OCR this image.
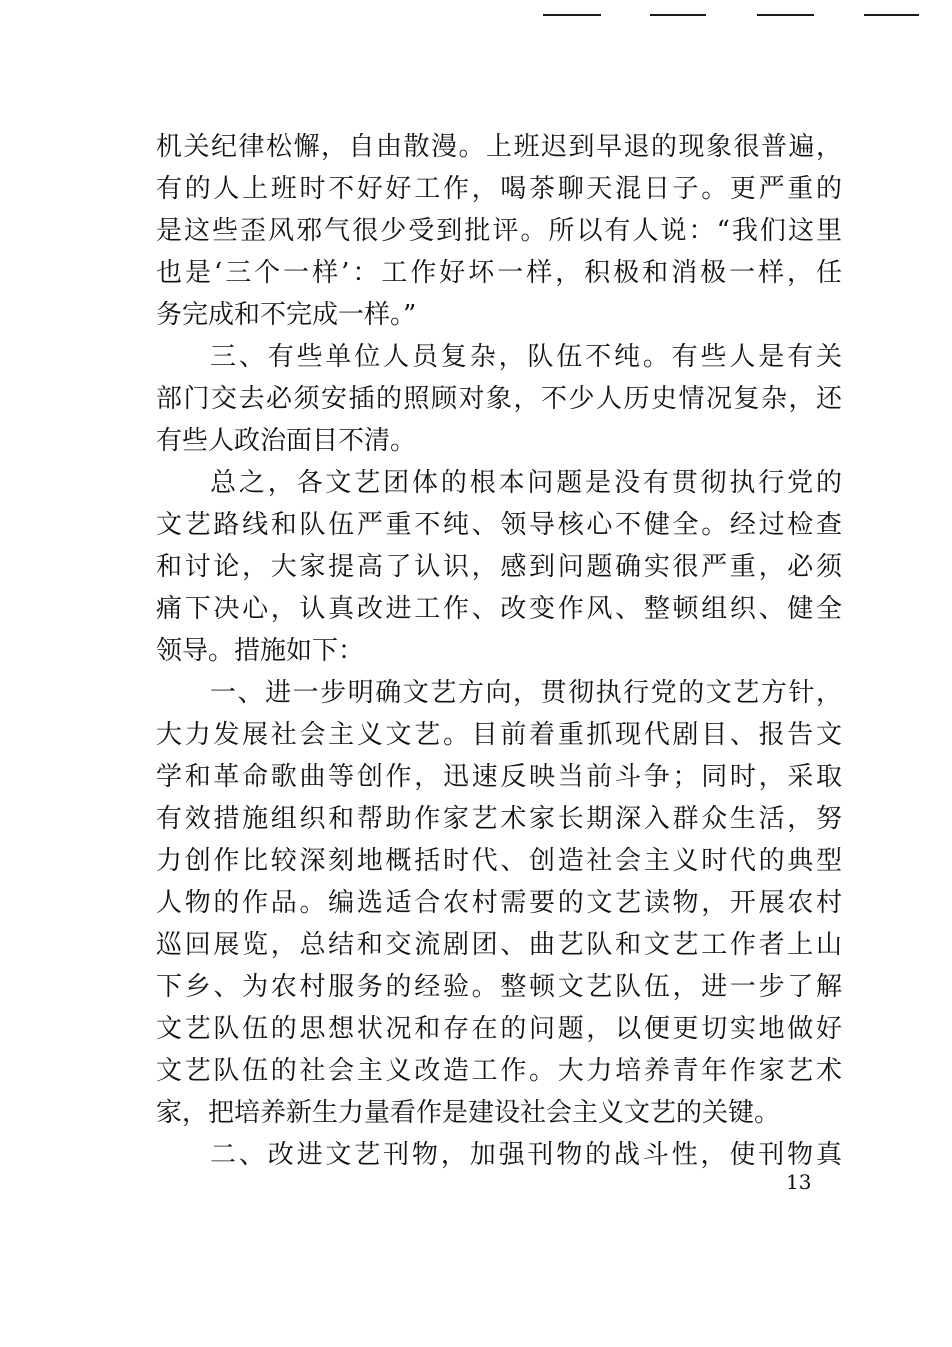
机关纪律松懈，自由散漫。上班迟到早退的现象很普遍，
有的人上班时不好好工作，喝茶聊天混日子。更严重的
是这些歪风邪气很少受到批评。所以有人说：“我们这里
也是‘三个一样’：工作好坏一样，积极和消极一样，任
务完成和不完成一样。”
三、有些单位人员复杂，队伍不纯。有些人是有关
部门交去必须安插的照顾对象，不少人历史情况复杂，还
有些人政治面目不清。
总之，各文艺团体的根本问题是没有贯彻执行党的
文艺路线和队伍严重不纯、领导核心不健全。经过检查
和讨论，大家提高了认识，感到问题确实很严重，必须
痛下决心，认真改进工作、改变作风、整顿组织、健全
领导。措施如下：
一、进一步明确文艺方向，贯彻执行党的文艺方针，
大力发展社会主义文艺。目前着重抓现代剧目、报告文
学和革命歌曲等创作，迅速反映当前斗争；同时，采取
有效措施组织和帮助作家艺术家长期深入群众生活，努
力创作比较深刻地概括时代、创造社会主义时代的典型
人物的作品。编选适合农村需要的文艺读物，开展农村
巡回展览，总结和交流剧团、曲艺队和文艺工作者上山
下乡、为农村服务的经验。整顿文艺队伍，进一步了解
文艺队伍的思想状况和存在的问题，以便更切实地做好
文艺队伍的社会主义改造工作。大力培养青年作家艺术
家，把培养新生力量看作是建设社会主义文艺的关键。
二、改进文艺刊物，加强刊物的战斗性，使刊物真
13
